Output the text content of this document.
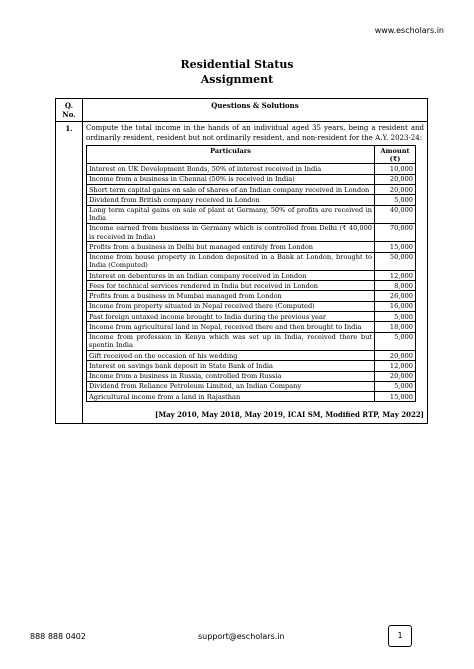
www.escholars.in
Residential Status
Assignment
Q. No.	Questions & Solutions
1.	Compute the total income in the hands of an individual aged 35 years, being a resident and ordinarily resident, resident but not ordinarily resident, and non-resident for the A.Y. 2023-24:
Particulars	Amount (₹)
Interest on UK Development Bonds, 50% of interest received in India	10,000
Income from a business in Chennai (50% is received in India)	20,000
Short term capital gains on sale of shares of an Indian company received in London	20,000
Dividend from British company received in London	5,000
Long term capital gains on sale of plant at Germany, 50% of profits are received in India	40,000
Income earned from business in Germany which is controlled from Delhi (₹ 40,000 is received in India)	70,000
Profits from a business in Delhi but managed entirely from London	15,000
Income from house property in London deposited in a Bank at London, brought to India (Computed)	50,000
Interest on debentures in an Indian company received in London	12,000
Fees for technical services rendered in India but received in London	8,000
Profits from a business in Mumbai managed from London	26,000
Income from property situated in Nepal received there (Computed)	16,000
Past foreign untaxed income brought to India during the previous year	5,000
Income from agricultural land in Nepal, received there and then brought to India	18,000
Income from profession in Kenya which was set up in India, received there but spentin India	5,000
Gift received on the occasion of his wedding	20,000
Interest on savings bank deposit in State Bank of India	12,000
Income from a business in Russia, controlled from Russia	20,000
Dividend from Reliance Petroleum Limited, an Indian Company	5,000
Agricultural income from a land in Rajasthan	15,000
[May 2010, May 2018, May 2019, ICAI SM, Modified RTP, May 2022]
888 888 0402	support@escholars.in	1
